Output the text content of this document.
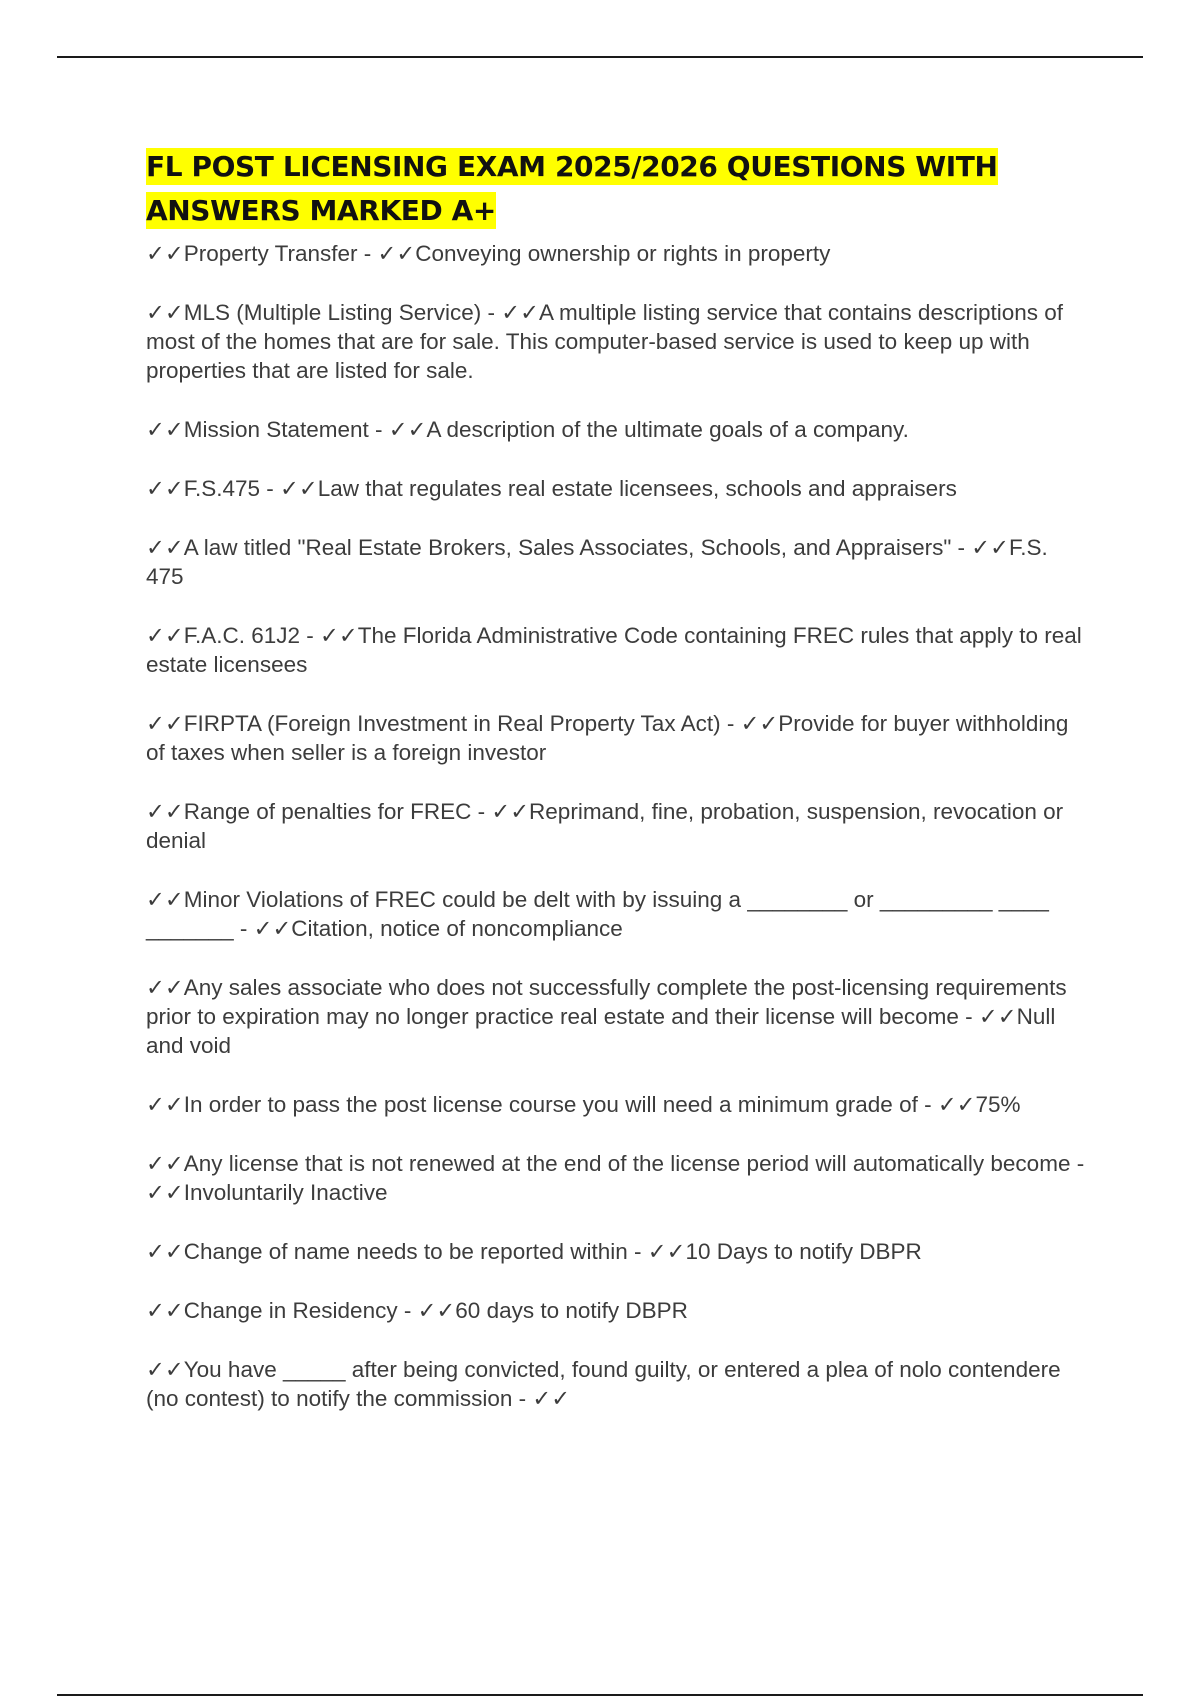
FL POST LICENSING EXAM 2025/2026 QUESTIONS WITH ANSWERS MARKED A+
✓✓Property Transfer - ✓✓Conveying ownership or rights in property
✓✓MLS (Multiple Listing Service) - ✓✓A multiple listing service that contains descriptions of most of the homes that are for sale. This computer-based service is used to keep up with properties that are listed for sale.
✓✓Mission Statement - ✓✓A description of the ultimate goals of a company.
✓✓F.S.475 - ✓✓Law that regulates real estate licensees, schools and appraisers
✓✓A law titled "Real Estate Brokers, Sales Associates, Schools, and Appraisers" - ✓✓F.S. 475
✓✓F.A.C. 61J2 - ✓✓The Florida Administrative Code containing FREC rules that apply to real estate licensees
✓✓FIRPTA (Foreign Investment in Real Property Tax Act) - ✓✓Provide for buyer withholding of taxes when seller is a foreign investor
✓✓Range of penalties for FREC - ✓✓Reprimand, fine, probation, suspension, revocation or denial
✓✓Minor Violations of FREC could be delt with by issuing a ________ or _________ ____ _______ - ✓✓Citation, notice of noncompliance
✓✓Any sales associate who does not successfully complete the post-licensing requirements prior to expiration may no longer practice real estate and their license will become - ✓✓Null and void
✓✓In order to pass the post license course you will need a minimum grade of - ✓✓75%
✓✓Any license that is not renewed at the end of the license period will automatically become - ✓✓Involuntarily Inactive
✓✓Change of name needs to be reported within - ✓✓10 Days to notify DBPR
✓✓Change in Residency - ✓✓60 days to notify DBPR
✓✓You have _____ after being convicted, found guilty, or entered a plea of nolo contendere (no contest) to notify the commission - ✓✓
